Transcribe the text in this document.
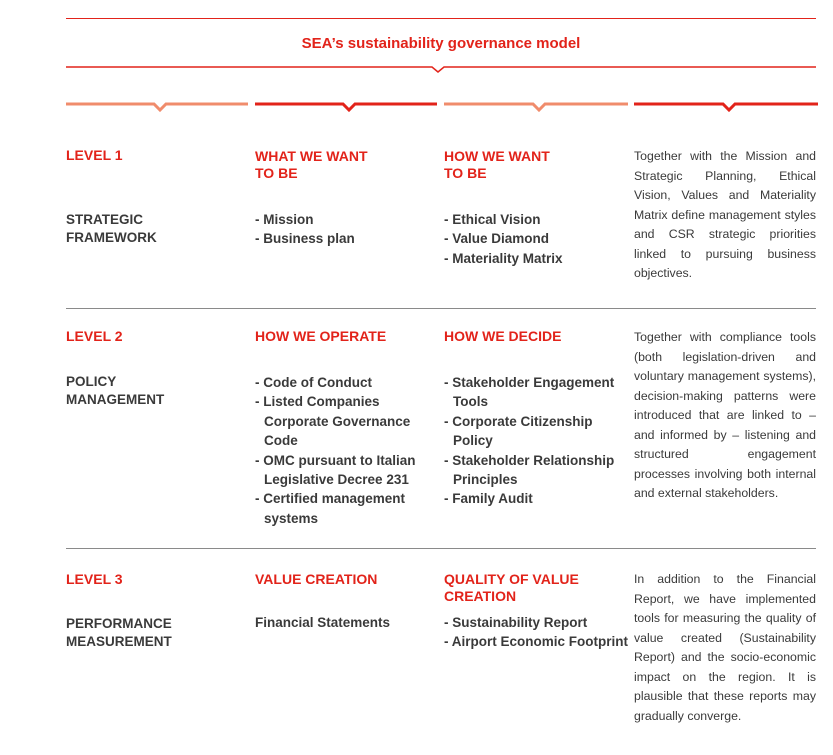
SEA’s sustainability governance model
LEVEL 1
STRATEGIC
FRAMEWORK
WHAT WE WANT
TO BE
- Mission
- Business plan
HOW WE WANT
TO BE
- Ethical Vision
- Value Diamond
- Materiality Matrix
Together with the Mission and Strategic Planning, Ethical Vision, Values and Materiality Matrix define management styles and CSR strategic priorities linked to pursuing business objectives.
LEVEL 2
POLICY
MANAGEMENT
HOW WE OPERATE
- Code of Conduct
- Listed Companies Corporate Governance Code
- OMC pursuant to Italian Legislative Decree 231
- Certified management systems
HOW WE DECIDE
- Stakeholder Engagement Tools
- Corporate Citizenship Policy
- Stakeholder Relationship Principles
- Family Audit
Together with compliance tools (both legislation-driven and voluntary management systems), decision-making patterns were introduced that are linked to – and informed by – listening and structured engagement processes involving both internal and external stakeholders.
LEVEL 3
PERFORMANCE
MEASUREMENT
VALUE CREATION
Financial Statements
QUALITY OF VALUE
CREATION
- Sustainability Report
- Airport Economic Footprint
In addition to the Financial Report, we have implemented tools for measuring the quality of value created (Sustainability Report) and the socio-economic impact on the region. It is plausible that these reports may gradually converge.
